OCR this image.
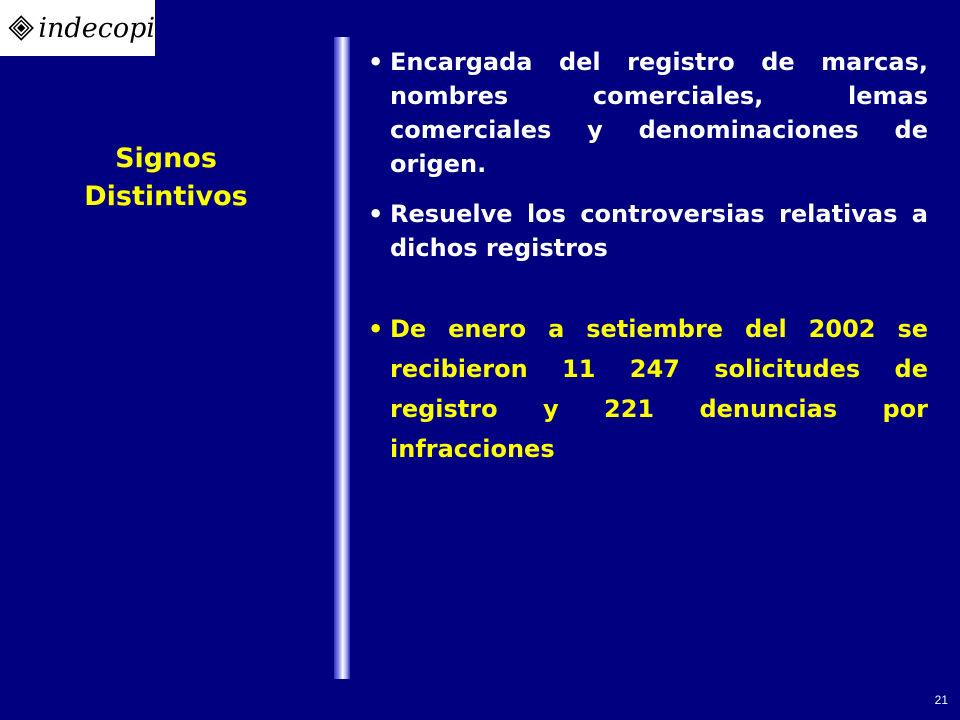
indecopi
Signos
Distintivos
• Encargada del registro de marcas, nombres comerciales, lemas comerciales y denominaciones de origen.
• Resuelve los controversias relativas a dichos registros
• De enero a setiembre del 2002 se recibieron 11 247 solicitudes de registro y 221 denuncias por infracciones
21
